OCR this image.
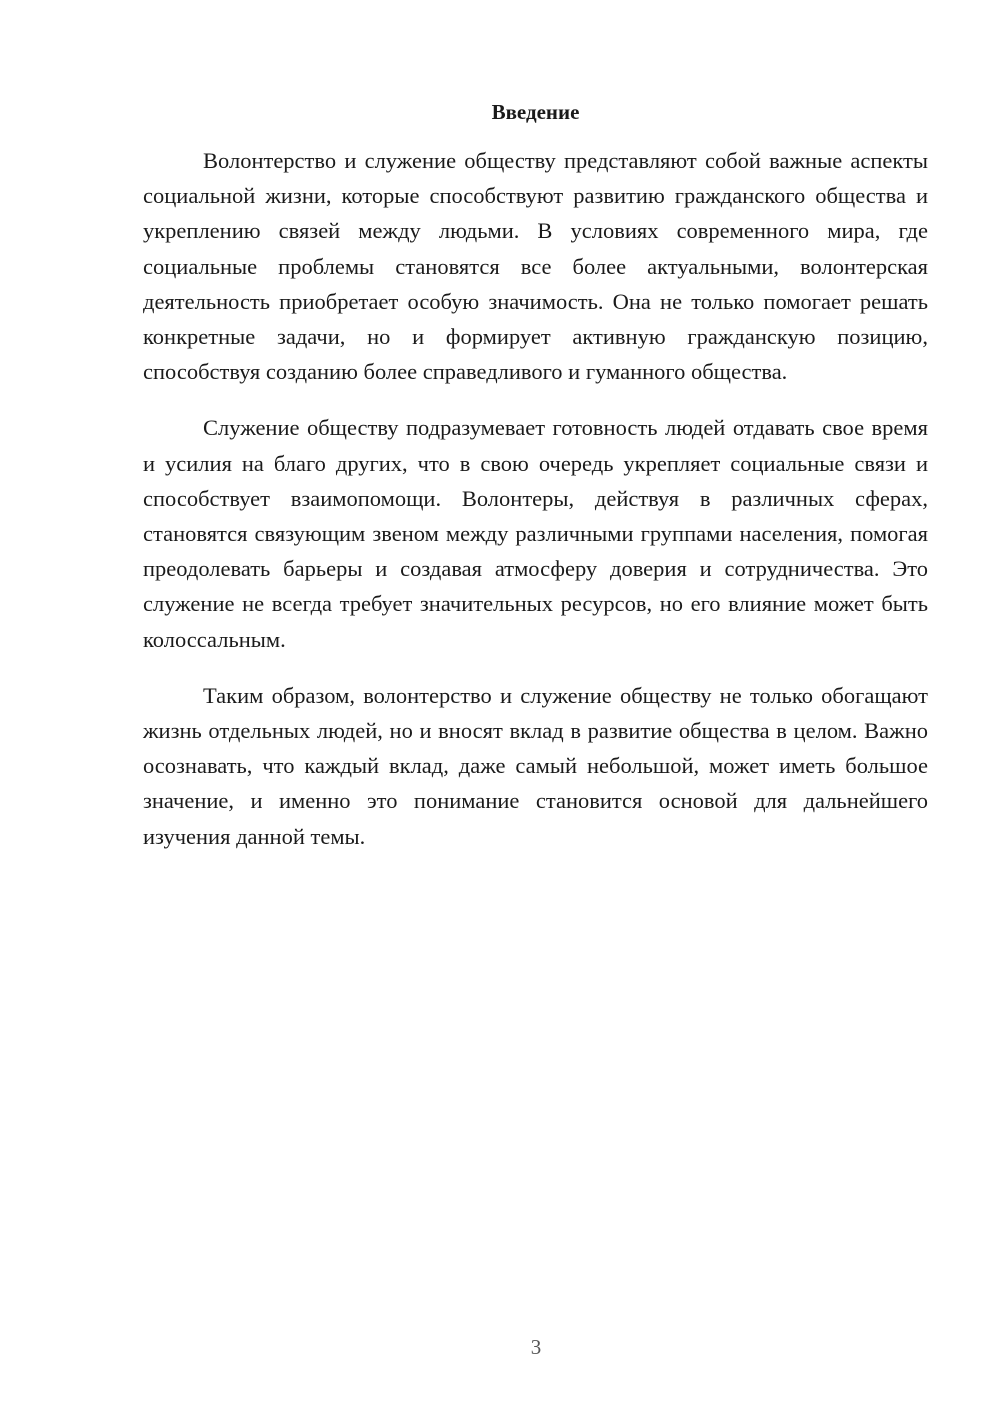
Введение

Волонтерство и служение обществу представляют собой важные аспекты социальной жизни, которые способствуют развитию гражданского общества и укреплению связей между людьми. В условиях современного мира, где социальные проблемы становятся все более актуальными, волонтерская деятельность приобретает особую значимость. Она не только помогает решать конкретные задачи, но и формирует активную гражданскую позицию, способствуя созданию более справедливого и гуманного общества.

Служение обществу подразумевает готовность людей отдавать свое время и усилия на благо других, что в свою очередь укрепляет социальные связи и способствует взаимопомощи. Волонтеры, действуя в различных сферах, становятся связующим звеном между различными группами населения, помогая преодолевать барьеры и создавая атмосферу доверия и сотрудничества. Это служение не всегда требует значительных ресурсов, но его влияние может быть колоссальным.

Таким образом, волонтерство и служение обществу не только обогащают жизнь отдельных людей, но и вносят вклад в развитие общества в целом. Важно осознавать, что каждый вклад, даже самый небольшой, может иметь большое значение, и именно это понимание становится основой для дальнейшего изучения данной темы.

3
